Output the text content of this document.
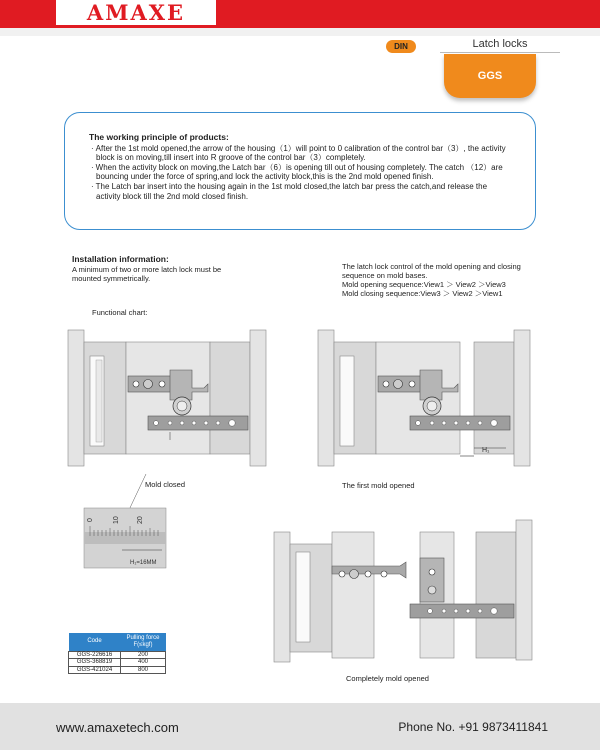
AMAXE
DIN	Latch locks
GGS
The working principle of products:
· After the 1st mold opened,the arrow of the housing（1）will point to 0 calibration of the control bar（3）, the activity block is on moving,till insert into R groove of the control bar（3）completely.
· When the activity block on moving,the Latch bar（6）is opening till out of housing completely. The catch （12）are bouncing under the force of spring,and lock the activity block,this is the 2nd mold opened finish.
· The Latch bar insert into the housing again in the 1st mold closed,the latch bar press the catch,and release the activity block till the 2nd mold closed finish.
Installation information:
A minimum of two or more latch lock must be mounted symmetrically.
The latch lock control of the mold opening and closing sequence on mold bases.
Mold opening sequence:View1 ＞ View2 ＞View3
Mold closing sequence:View3 ＞ View2 ＞View1
Functional chart:
Mold closed
H₁
The first mold opened
0	10 20
H₁=16MM
Completely mold opened
Code	Pulling force
F(≤kgf)
GGS-226616	200
GGS-368819	400
GGS-421024	800
www.amaxetech.com	Phone No. +91 9873411841
